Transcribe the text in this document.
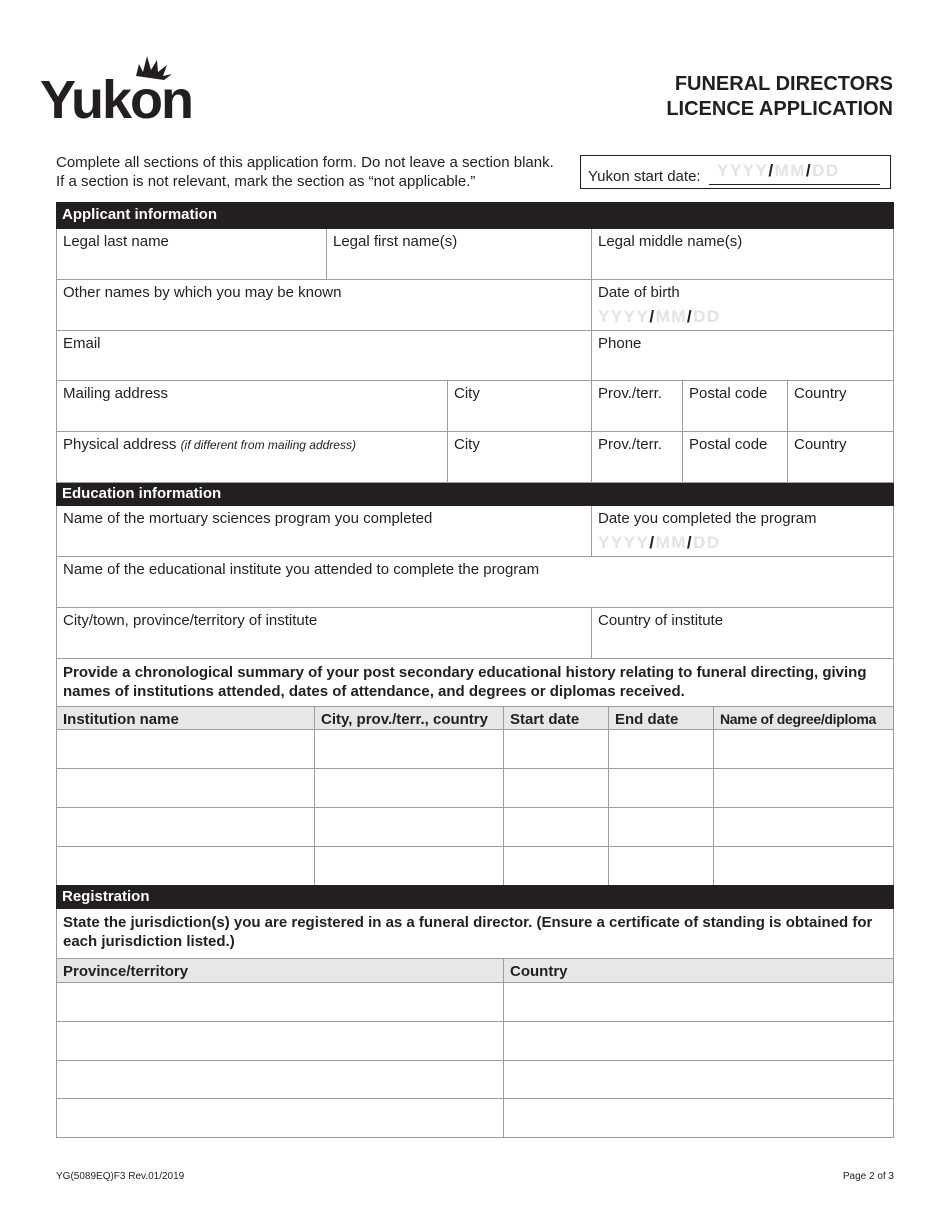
Yukon	FUNERAL DIRECTORS
LICENCE APPLICATION
Complete all sections of this application form. Do not leave a section blank. If a section is not relevant, mark the section as “not applicable.”	Yukon start date: YYYY/MM/DD
Applicant information
Legal last name	Legal first name(s)	Legal middle name(s)
Other names by which you may be known	Date of birth
YYYY/MM/DD
Email	Phone
Mailing address	City	Prov./terr.	Postal code	Country
Physical address (if different from mailing address)	City	Prov./terr.	Postal code	Country
Education information
Name of the mortuary sciences program you completed	Date you completed the program
YYYY/MM/DD
Name of the educational institute you attended to complete the program
City/town, province/territory of institute	Country of institute
Provide a chronological summary of your post secondary educational history relating to funeral directing, giving names of institutions attended, dates of attendance, and degrees or diplomas received.
Institution name	City, prov./terr., country	Start date	End date	Name of degree/diploma
Registration
State the jurisdiction(s) you are registered in as a funeral director. (Ensure a certificate of standing is obtained for each jurisdiction listed.)
Province/territory	Country
YG(5089EQ)F3 Rev.01/2019	Page 2 of 3
